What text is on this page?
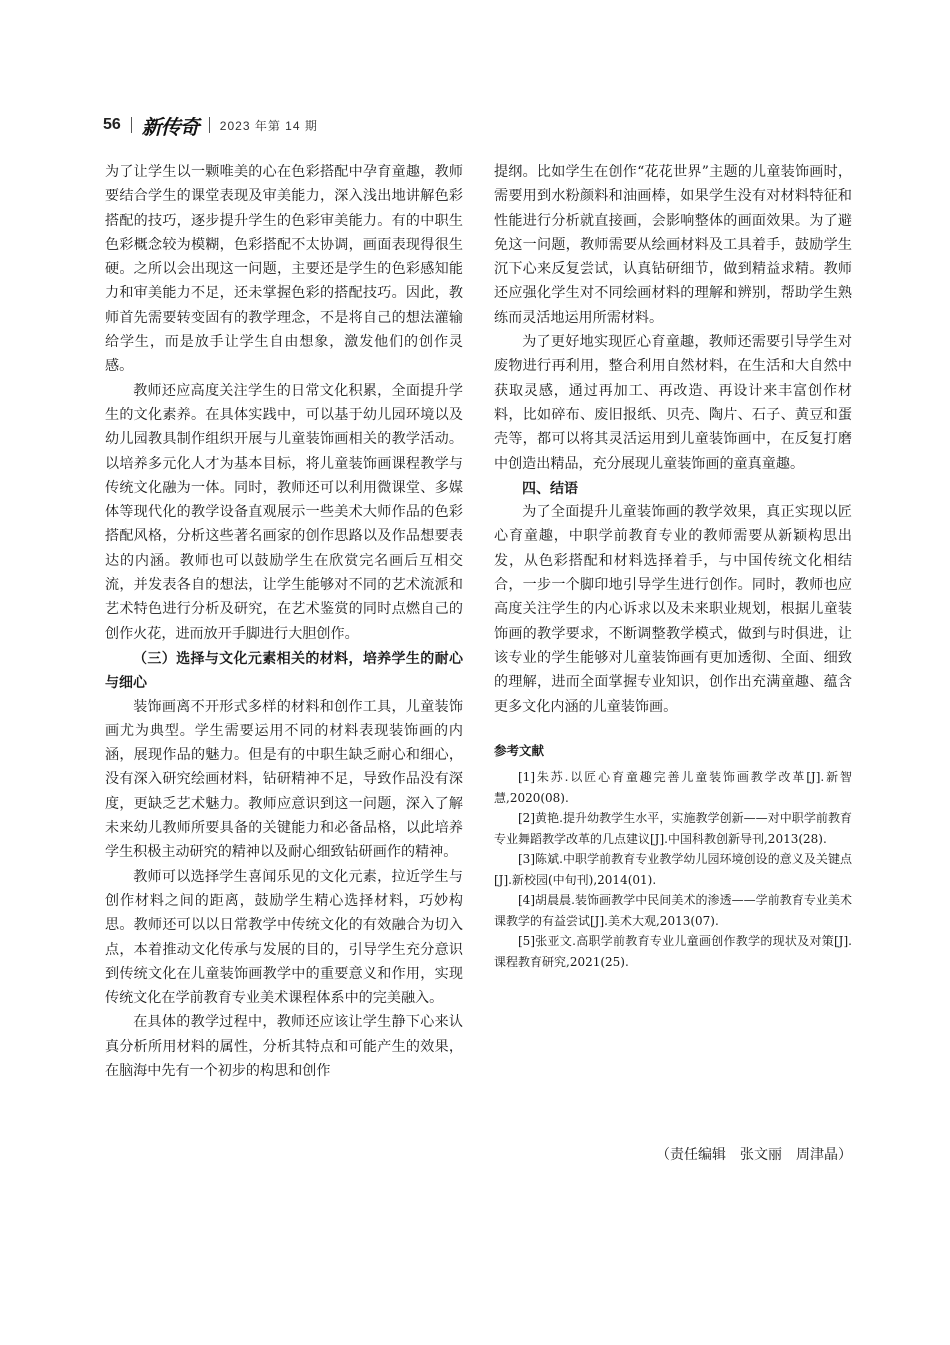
56 新传奇 2023 年第 14 期

为了让学生以一颗唯美的心在色彩搭配中孕育童趣，教师要结合学生的课堂表现及审美能力，深入浅出地讲解色彩搭配的技巧，逐步提升学生的色彩审美能力。有的中职生色彩概念较为模糊，色彩搭配不太协调，画面表现得很生硬。之所以会出现这一问题，主要还是学生的色彩感知能力和审美能力不足，还未掌握色彩的搭配技巧。因此，教师首先需要转变固有的教学理念，不是将自己的想法灌输给学生，而是放手让学生自由想象，激发他们的创作灵感。

教师还应高度关注学生的日常文化积累，全面提升学生的文化素养。在具体实践中，可以基于幼儿园环境以及幼儿园教具制作组织开展与儿童装饰画相关的教学活动。以培养多元化人才为基本目标，将儿童装饰画课程教学与传统文化融为一体。同时，教师还可以利用微课堂、多媒体等现代化的教学设备直观展示一些美术大师作品的色彩搭配风格，分析这些著名画家的创作思路以及作品想要表达的内涵。教师也可以鼓励学生在欣赏完名画后互相交流，并发表各自的想法，让学生能够对不同的艺术流派和艺术特色进行分析及研究，在艺术鉴赏的同时点燃自己的创作火花，进而放开手脚进行大胆创作。

（三）选择与文化元素相关的材料，培养学生的耐心与细心

装饰画离不开形式多样的材料和创作工具，儿童装饰画尤为典型。学生需要运用不同的材料表现装饰画的内涵，展现作品的魅力。但是有的中职生缺乏耐心和细心，没有深入研究绘画材料，钻研精神不足，导致作品没有深度，更缺乏艺术魅力。教师应意识到这一问题，深入了解未来幼儿教师所要具备的关键能力和必备品格，以此培养学生积极主动研究的精神以及耐心细致钻研画作的精神。

教师可以选择学生喜闻乐见的文化元素，拉近学生与创作材料之间的距离，鼓励学生精心选择材料，巧妙构思。教师还可以以日常教学中传统文化的有效融合为切入点，本着推动文化传承与发展的目的，引导学生充分意识到传统文化在儿童装饰画教学中的重要意义和作用，实现传统文化在学前教育专业美术课程体系中的完美融入。

在具体的教学过程中，教师还应该让学生静下心来认真分析所用材料的属性，分析其特点和可能产生的效果，在脑海中先有一个初步的构思和创作

提纲。比如学生在创作“花花世界”主题的儿童装饰画时，需要用到水粉颜料和油画棒，如果学生没有对材料特征和性能进行分析就直接画，会影响整体的画面效果。为了避免这一问题，教师需要从绘画材料及工具着手，鼓励学生沉下心来反复尝试，认真钻研细节，做到精益求精。教师还应强化学生对不同绘画材料的理解和辨别，帮助学生熟练而灵活地运用所需材料。

为了更好地实现匠心育童趣，教师还需要引导学生对废物进行再利用，整合利用自然材料，在生活和大自然中获取灵感，通过再加工、再改造、再设计来丰富创作材料，比如碎布、废旧报纸、贝壳、陶片、石子、黄豆和蛋壳等，都可以将其灵活运用到儿童装饰画中，在反复打磨中创造出精品，充分展现儿童装饰画的童真童趣。

四、结语

为了全面提升儿童装饰画的教学效果，真正实现以匠心育童趣，中职学前教育专业的教师需要从新颖构思出发，从色彩搭配和材料选择着手，与中国传统文化相结合，一步一个脚印地引导学生进行创作。同时，教师也应高度关注学生的内心诉求以及未来职业规划，根据儿童装饰画的教学要求，不断调整教学模式，做到与时俱进，让该专业的学生能够对儿童装饰画有更加透彻、全面、细致的理解，进而全面掌握专业知识，创作出充满童趣、蕴含更多文化内涵的儿童装饰画。

参考文献

[1]朱苏.以匠心育童趣完善儿童装饰画教学改革[J].新智慧,2020(08).

[2]黄艳.提升幼教学生水平，实施教学创新——对中职学前教育专业舞蹈教学改革的几点建议[J].中国科教创新导刊,2013(28).

[3]陈斌.中职学前教育专业教学幼儿园环境创设的意义及关键点[J].新校园(中旬刊),2014(01).

[4]胡晨晨.装饰画教学中民间美术的渗透——学前教育专业美术课教学的有益尝试[J].美术大观,2013(07).

[5]张亚文.高职学前教育专业儿童画创作教学的现状及对策[J].课程教育研究,2021(25).

（责任编辑　张文丽　周津晶）
